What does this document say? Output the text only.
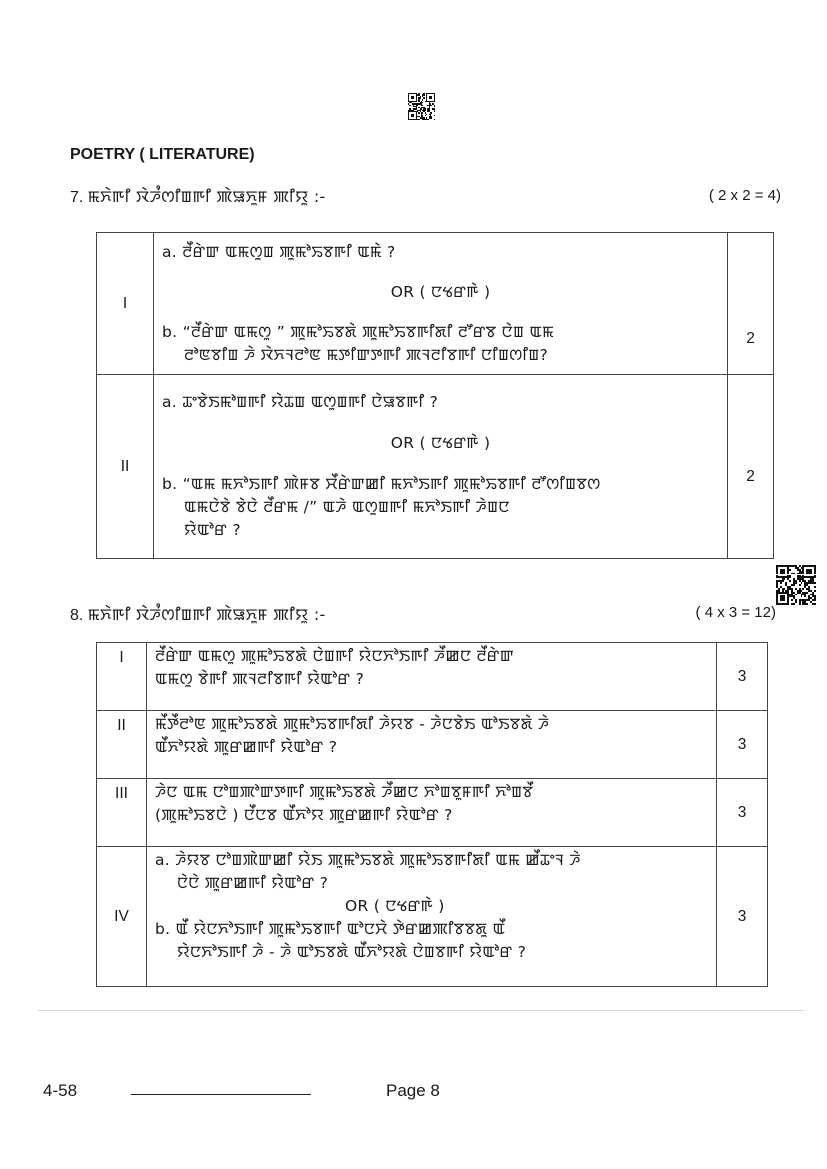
POETRY ( LITERATURE)
7. ꯃꯈꯥꯒꯤ ꯋꯥꯍꯪꯁꯤꯡꯒꯤ ꯄꯥꯎꯈꯨꯝ ꯄꯤꯌꯨ :-	( 2 x 2 = 4)
I	a. ꯂꯩꯔꯥꯛ ꯑꯃꯁꯨꯡ ꯄꯨꯃꯣꯢꯕꯒꯤ ꯑꯃꯥ ?
OR ( ꯅꯠꯔꯒꯥ )
b. “ꯂꯩꯔꯥꯛ ꯑꯃꯁꯨ ” ꯄꯨꯃꯣꯢꯕꯗꯥ ꯄꯨꯃꯣꯢꯕꯒꯤꯗꯤ ꯂꯧꯔꯕ ꯅꯥꯡ ꯑꯃ
ꯂꯣꯟꯕꯤꯡ ꯍꯥ ꯋꯥꯈꯜꯂꯣꯟ ꯃꯇꯤꯛꯇꯒꯤ ꯄꯜꯂꯤꯕꯒꯤ ꯅꯤꯡꯁꯤꯡ?	2

II	a. ꯊꯦꯕꯥꯏꯃꯣꯡꯒꯤ ꯌꯥꯊꯡ ꯑꯁꯨꯡꯒꯤ ꯅꯥꯎꯕꯒꯤ ?
OR ( ꯅꯠꯔꯒꯥ )
b. “ꯑꯃ ꯃꯈꯣꯏꯒꯤ ꯄꯥꯝꯕ ꯆꯩꯔꯥꯛꯀꯤ ꯃꯈꯣꯏꯒꯤ ꯄꯨꯃꯣꯢꯕꯒꯤ ꯂꯧꯁꯤꯡꯕꯁ
ꯑꯃꯅꯥꯕꯥ ꯕꯥꯅꯥ ꯂꯩꯔꯃ /” ꯑꯍꯥ ꯑꯁꯨꯡꯒꯤ ꯃꯈꯣꯏꯒꯤ ꯍꯥꯡꯅ
ꯌꯥꯑꯣꯔ ?	2
8. ꯃꯈꯥꯒꯤ ꯋꯥꯍꯪꯁꯤꯡꯒꯤ ꯄꯥꯎꯈꯨꯝ ꯄꯤꯌꯨ :-	( 4 x 3 = 12)
I	ꯂꯩꯔꯥꯛ ꯑꯃꯁꯨ ꯄꯨꯃꯣꯢꯕꯗꯥ ꯅꯥꯡꯒꯤ ꯌꯥꯅꯈꯣꯏꯒꯤ ꯍꯩꯀꯅ ꯂꯩꯔꯥꯛ
ꯑꯃꯁꯨ ꯕꯥꯒꯤ ꯄꯜꯂꯤꯕꯒꯤ ꯌꯥꯑꯣꯔ ?	3

II	ꯃꯩꯇꯩꯂꯣꯟ ꯄꯨꯃꯣꯢꯕꯗꯥ ꯄꯨꯃꯣꯢꯕꯒꯤꯗꯤ ꯍꯥꯌꯕ - ꯍꯥꯅꯕꯥꯏ ꯑꯣꯏꯕꯗꯥ ꯍꯥ
ꯑꯩꯈꯣꯌꯗꯥ ꯄꯨꯔꯀꯒꯤ ꯌꯥꯑꯣꯔ ?	3

III	ꯍꯥꯅ ꯑꯃ ꯅꯣꯡꯄꯣꯛꯇꯒꯤ ꯄꯨꯃꯣꯢꯕꯗꯥ ꯍꯩꯀꯅ ꯈꯣꯡꯕꯨꯝꯒꯤ ꯈꯣꯡꯕꯩ
(ꯄꯨꯃꯣꯢꯕꯅꯥ ) ꯅꯩꯅꯕ ꯑꯩꯈꯣꯌ ꯄꯨꯔꯀꯒꯤ ꯌꯥꯑꯣꯔ ?	3
IV	a. ꯍꯥꯌꯕ ꯅꯣꯡꯄꯥꯛꯀꯤ ꯌꯥꯏ ꯄꯨꯃꯣꯢꯕꯗꯥ ꯄꯨꯃꯣꯢꯕꯒꯤꯗꯤ ꯑꯃ ꯀꯩꯊꯦꯜ ꯍꯥ
ꯅꯥꯅꯥ ꯄꯨꯔꯀꯒꯤ ꯌꯥꯑꯣꯔ ?
OR ( ꯅꯠꯔꯒꯥ )
b. ꯑꯩ ꯌꯥꯅꯈꯣꯏꯒꯤ ꯄꯨꯃꯣꯢꯕꯒꯤ ꯑꯣꯅꯆꯥ ꯇꯥꯔꯀꯄꯤꯕꯕꯗꯨ ꯑꯩ
ꯌꯥꯅꯈꯣꯏꯒꯤ ꯍꯥ - ꯍꯥ ꯑꯣꯏꯕꯗꯥ ꯑꯩꯈꯣꯌꯗꯥ ꯅꯥꯡꯕꯒꯤ ꯌꯥꯑꯣꯔ ?	3
4-58	Page 8
